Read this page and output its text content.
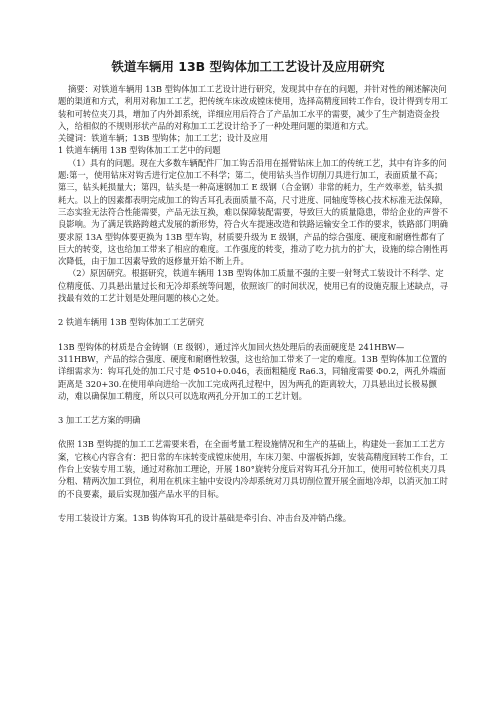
铁道车辆用 13B 型钩体加工工艺设计及应用研究

摘要：对铁道车辆用 13B 型钩体加工工艺设计进行研究，发现其中存在的问题，并针对性的阐述解决问题的渠道和方式，利用对称加工工艺，把传统车床改成镗床使用，选择高精度回转工作台，设计得到专用工装和可转位夹刀具，增加了内外卸系统，详细应用后符合了产品加工水平的需要，减少了生产制造资金投入，给相似的不规则形状产品的对称加工工艺设计给予了一种处理问题的渠道和方式。

关键词：铁道车辆；13B 型钩体；加工工艺；设计及应用

1 铁道车辆用 13B 型钩体加工工艺中的问题

（1）具有的问题。现在大多数车辆配件厂加工钩舌沿用在摇臂钻床上加工的传统工艺，其中有许多的问题:第一，使用钻床对钩舌进行定位加工不科学；第二，使用钻头当作切削刀具进行加工，表面质量不高；第三，钻头耗损量大；第四，钻头是一种高速钢加工 E 级钢（合金钢）非常的耗力，生产效率差，钻头损耗大。以上的因素都表明完成加工的钩舌耳孔表面质量不高，尺寸进度、同轴度等核心技术标准无法保障，三态实验无法符合性能需要，产品无法互换，难以保障装配需要，导致巨大的质量隐患，带给企业的声誉不良影响。为了满足铁路跨越式发展的新形势，符合火车提速改造和铁路运输安全工作的要求，铁路部门明确要求原 13A 型钩体要更换为 13B 型车钩，材质要升级为 E 级钢，产品的综合强度、硬度和耐磨性都有了巨大的转变，这也给加工带来了相应的难度。工作强度的转变，推动了吃力抗力的扩大，设施的综合刚性再次降低，由于加工因素导致的返修量开始不断上升。

（2）原因研究。根据研究，铁道车辆用 13B 型钩体加工质量不强的主要一射弩式工装设计不科学、定位精度低、刀具悬出量过长和无冷却系统等问题，依照该厂的时间状况，使用已有的设施克服上述缺点，寻找最有效的工艺计划是处理问题的核心之处。

2 铁道车辆用 13B 型钩体加工工艺研究

13B 型钩体的材质是合金铸钢（E 级钢），通过淬火加回火热处理后的表面硬度是 241HBW—311HBW，产品的综合强度、硬度和耐磨性较强，这也给加工带来了一定的难度。13B 型钩体加工位置的详细需求为：钩耳孔处的加工尺寸是 Φ510+0.046，表面粗糙度 Ra6.3，同轴度需要 Φ0.2，两孔外端面距离是 320+30.在使用单向进给一次加工完成两孔过程中，因为两孔的距离较大，刀具悬出过长极易颤动，难以确保加工精度，所以只可以选取两孔分开加工的工艺计划。

3 加工工艺方案的明确

依照 13B 型钩提的加工工艺需要来看，在全面考量工程设施情况和生产的基础上，构建处一套加工工艺方案，它核心内容含有：把日常的车床转变成镗床使用，车床刀架、中溜板拆卸，安装高精度回转工作台，工作台上安装专用工装，通过对称加工理论，开展 180°旋转分度后对钩耳孔分开加工，使用可转位机夹刀具分粗、精两次加工到位，利用在机床主轴中安设内冷却系统对刀具切削位置开展全面地冷却，以消灭加工时的不良要素，最后实现加强产品水平的目标。

专用工装设计方案。13B 钩体钩耳孔的设计基础是牵引台、冲击台及冲销凸缘。
